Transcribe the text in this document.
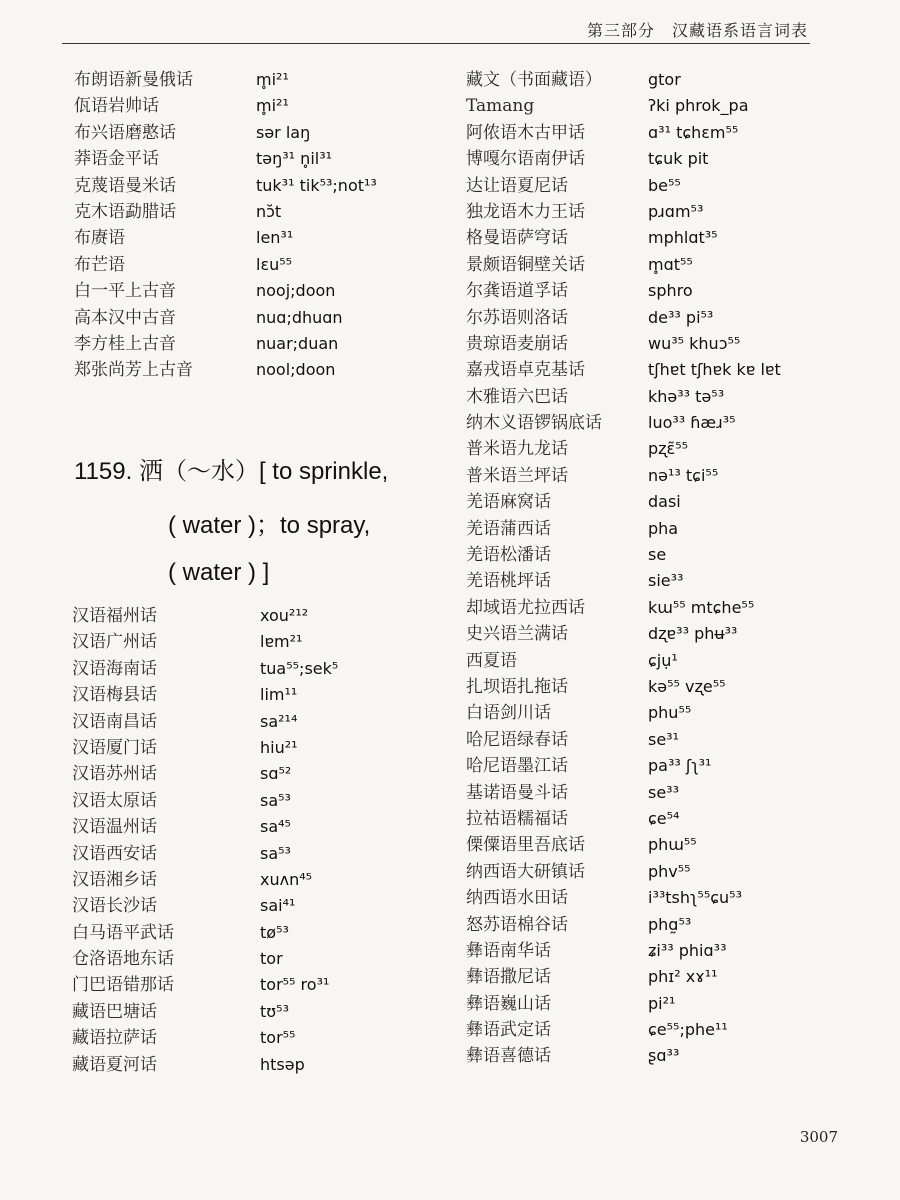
第三部分　汉藏语系语言词表
布朗语新曼俄话	m̥i²¹
佤语岩帅话	m̥i²¹
布兴语磨憨话	sər laŋ
莽语金平话	təŋ³¹ n̥il³¹
克蔑语曼米话	tuk³¹ tik⁵³;not¹³
克木语勐腊话	nɔ̆t
布赓语	len³¹
布芒语	lɛu⁵⁵
白一平上古音	nooj;doon
高本汉中古音	nuɑ;dhuɑn
李方桂上古音	nuar;duan
郑张尚芳上古音	nool;doon
1159. 洒（～水）[ to sprinkle,
( water )；to spray,
( water ) ]
汉语福州话	xou²¹²
汉语广州话	lɐm²¹
汉语海南话	tua⁵⁵;sek⁵
汉语梅县话	lim¹¹
汉语南昌话	sa²¹⁴
汉语厦门话	hiu²¹
汉语苏州话	sɑ⁵²
汉语太原话	sa⁵³
汉语温州话	sa⁴⁵
汉语西安话	sa⁵³
汉语湘乡话	xuʌn⁴⁵
汉语长沙话	sai⁴¹
白马语平武话	tø⁵³
仓洛语地东话	tor
门巴语错那话	tor⁵⁵ ro³¹
藏语巴塘话	tʊ⁵³
藏语拉萨话	tor⁵⁵
藏语夏河话	htsəp
藏文（书面藏语）	gtor
Tamang	ʔki phrok_pa
阿侬语木古甲话	ɑ³¹ tɕhɛm⁵⁵
博嘎尔语南伊话	tɕuk pit
达让语夏尼话	be⁵⁵
独龙语木力王话	pɹɑm⁵³
格曼语萨穹话	mphlɑt³⁵
景颇语铜壁关话	m̥ɑt⁵⁵
尔龚语道孚话	sphro
尔苏语则洛话	de³³ pi⁵³
贵琼语麦崩话	wu³⁵ khuɔ⁵⁵
嘉戎语卓克基话	tʃhɐt tʃhɐk kɐ lɐt
木雅语六巴话	khə³³ tə⁵³
纳木义语锣锅底话	luo³³ ɦæɹ³⁵
普米语九龙话	pʐɛ̃⁵⁵
普米语兰坪话	nə¹³ tɕi⁵⁵
羌语麻窝话	dasi
羌语蒲西话	pha
羌语松潘话	se
羌语桃坪话	sie³³
却域语尤拉西话	kɯ⁵⁵ mtɕhe⁵⁵
史兴语兰满话	dʐɐ³³ phʉ³³
西夏语	ɕjụ¹
扎坝语扎拖话	kə⁵⁵ vʐe⁵⁵
白语剑川话	phu⁵⁵
哈尼语绿春话	se³¹
哈尼语墨江话	pa³³ ʃʅ³¹
基诺语曼斗话	se³³
拉祜语糯福话	ɕe⁵⁴
傈僳语里吾底话	phɯ⁵⁵
纳西语大研镇话	phv⁵⁵
纳西语水田话	i³³tshʅ⁵⁵ɕu⁵³
怒苏语棉谷话	phɑ̰⁵³
彝语南华话	ʑi³³ phiɑ³³
彝语撒尼话	phɪ² xɤ¹¹
彝语巍山话	pi²¹
彝语武定话	ɕe⁵⁵;phe¹¹
彝语喜德话	ʂɑ³³
3007
